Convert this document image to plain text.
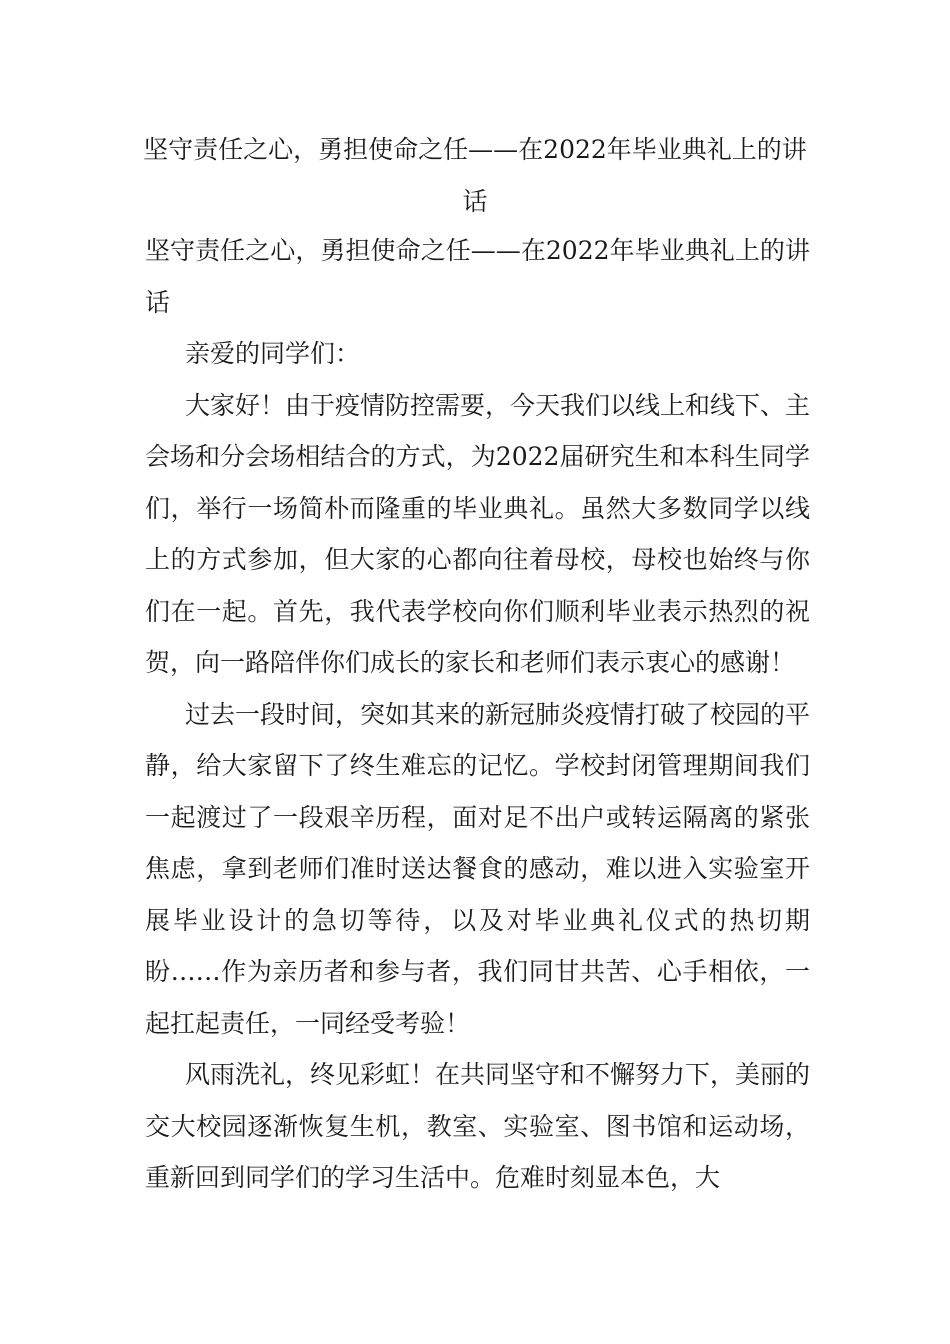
坚守责任之心，勇担使命之任——在2022年毕业典礼上的讲话

坚守责任之心，勇担使命之任——在2022年毕业典礼上的讲话

亲爱的同学们：

大家好！由于疫情防控需要，今天我们以线上和线下、主会场和分会场相结合的方式，为2022届研究生和本科生同学们，举行一场简朴而隆重的毕业典礼。虽然大多数同学以线上的方式参加，但大家的心都向往着母校，母校也始终与你们在一起。首先，我代表学校向你们顺利毕业表示热烈的祝贺，向一路陪伴你们成长的家长和老师们表示衷心的感谢！

过去一段时间，突如其来的新冠肺炎疫情打破了校园的平静，给大家留下了终生难忘的记忆。学校封闭管理期间我们一起渡过了一段艰辛历程，面对足不出户或转运隔离的紧张焦虑，拿到老师们准时送达餐食的感动，难以进入实验室开展毕业设计的急切等待，以及对毕业典礼仪式的热切期盼……作为亲历者和参与者，我们同甘共苦、心手相依，一起扛起责任，一同经受考验！

风雨洗礼，终见彩虹！在共同坚守和不懈努力下，美丽的交大校园逐渐恢复生机，教室、实验室、图书馆和运动场，重新回到同学们的学习生活中。危难时刻显本色，大
